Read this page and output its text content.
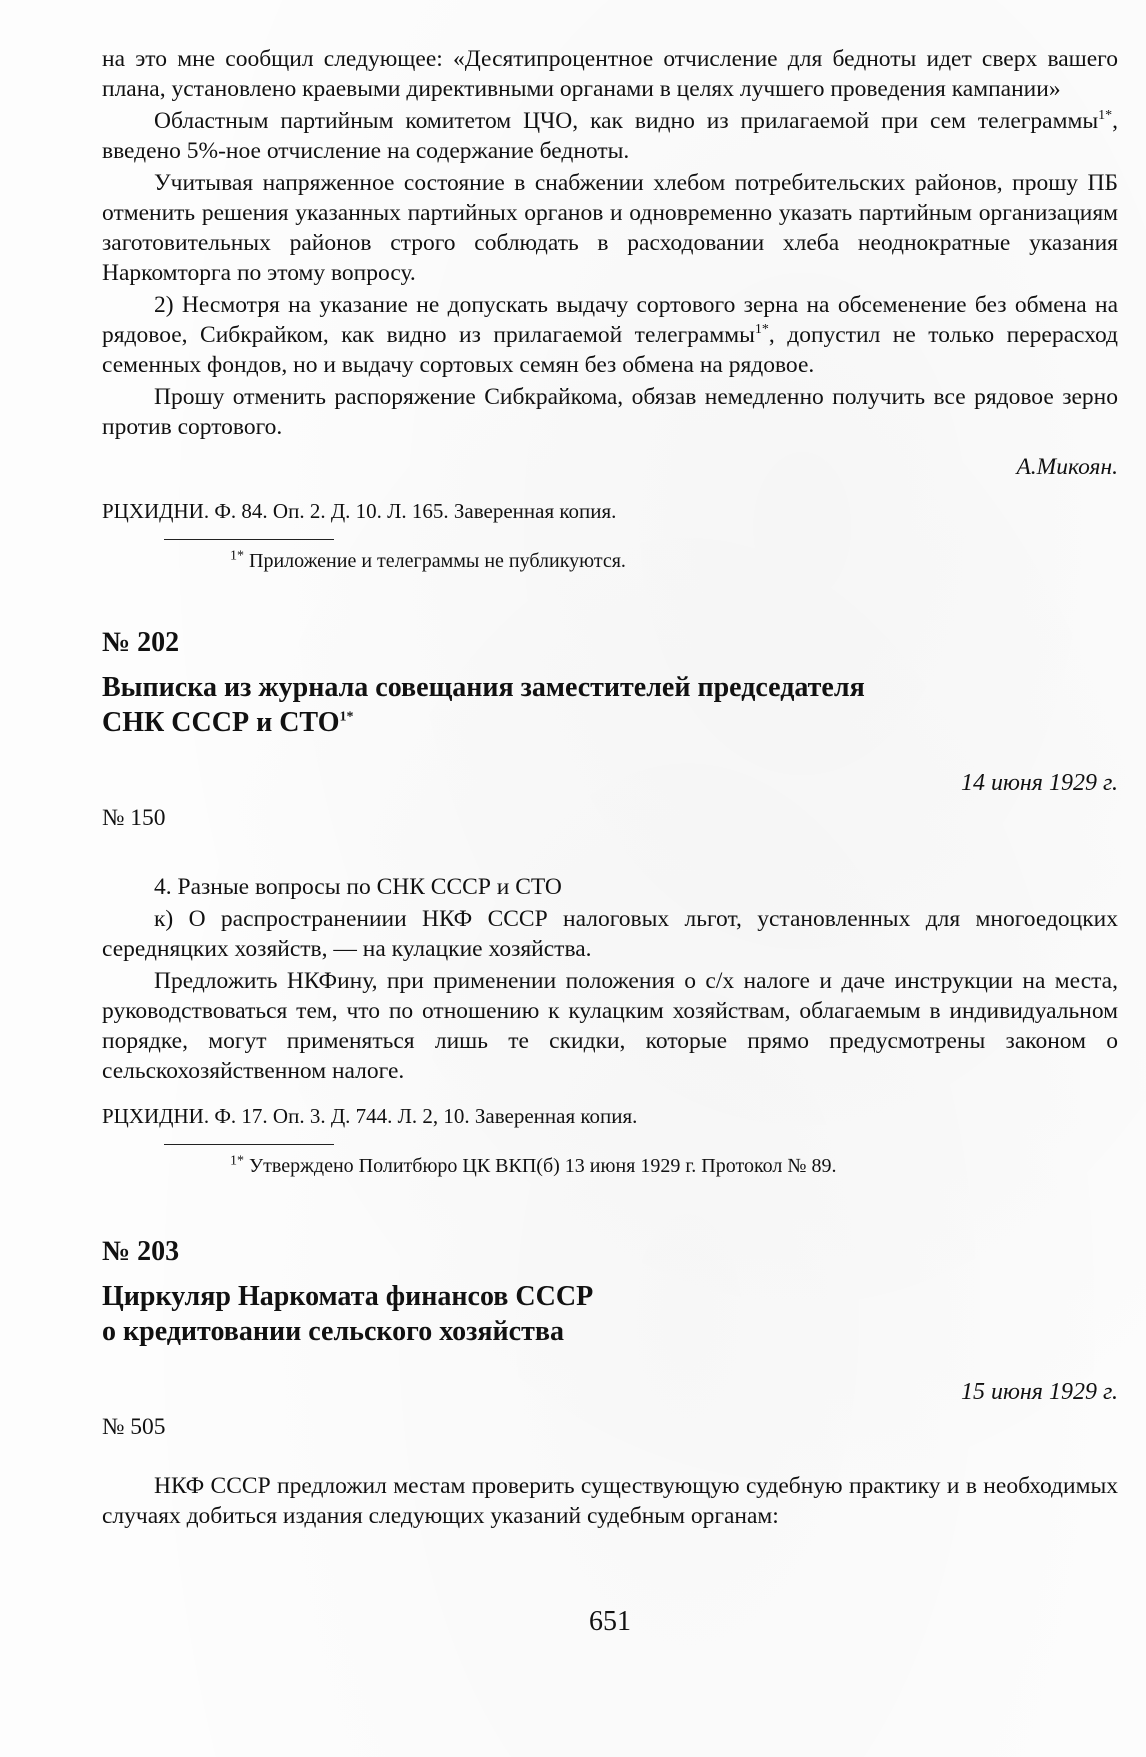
на это мне сообщил следующее: «Десятипроцентное отчисление для бедноты идет сверх вашего плана, установлено краевыми директивными органами в целях лучшего проведения кампании»

Областным партийным комитетом ЦЧО, как видно из прилагаемой при сем телеграммы$^{1*}$, введено 5%-ное отчисление на содержание бедноты.

Учитывая напряженное состояние в снабжении хлебом потребительских районов, прошу ПБ отменить решения указанных партийных органов и одновременно указать партийным организациям заготовительных районов строго соблюдать в расходовании хлеба неоднократные указания Наркомторга по этому вопросу.

2) Несмотря на указание не допускать выдачу сортового зерна на обсеменение без обмена на рядовое, Сибкрайком, как видно из прилагаемой телеграммы$^{1*}$, допустил не только перерасход семенных фондов, но и выдачу сортовых семян без обмена на рядовое.

Прошу отменить распоряжение Сибкрайкома, обязав немедленно получить все рядовое зерно против сортового.

А.Микоян.

РЦХИДНИ. Ф. 84. Оп. 2. Д. 10. Л. 165. Заверенная копия.

$^{1*}$ Приложение и телеграммы не публикуются.

№ 202
Выписка из журнала совещания заместителей председателя
СНК СССР и $СТО^{1*}$
14 июня 1929 г.
№ 150

4. Разные вопросы по СНК СССР и СТО

к) О распространениии НКФ СССР налоговых льгот, установленных для многоедоцких середняцких хозяйств, — на кулацкие хозяйства.

Предложить НКФину, при применении положения о с/х налоге и даче инструкции на места, руководствоваться тем, что по отношению к кулацким хозяйствам, облагаемым в индивидуальном порядке, могут применяться лишь те скидки, которые прямо предусмотрены законом о сельскохозяйственном налоге.

РЦХИДНИ. Ф. 17. Оп. 3. Д. 744. Л. 2, 10. Заверенная копия.

$^{1*}$ Утверждено Политбюро ЦК ВКП(б) 13 июня 1929 г. Протокол № 89.

№ 203
Циркуляр Наркомата финансов СССР
о кредитовании сельского хозяйства
15 июня 1929 г.
№ 505

НКФ СССР предложил местам проверить существующую судебную практику и в необходимых случаях добиться издания следующих указаний судебным органам:

651
